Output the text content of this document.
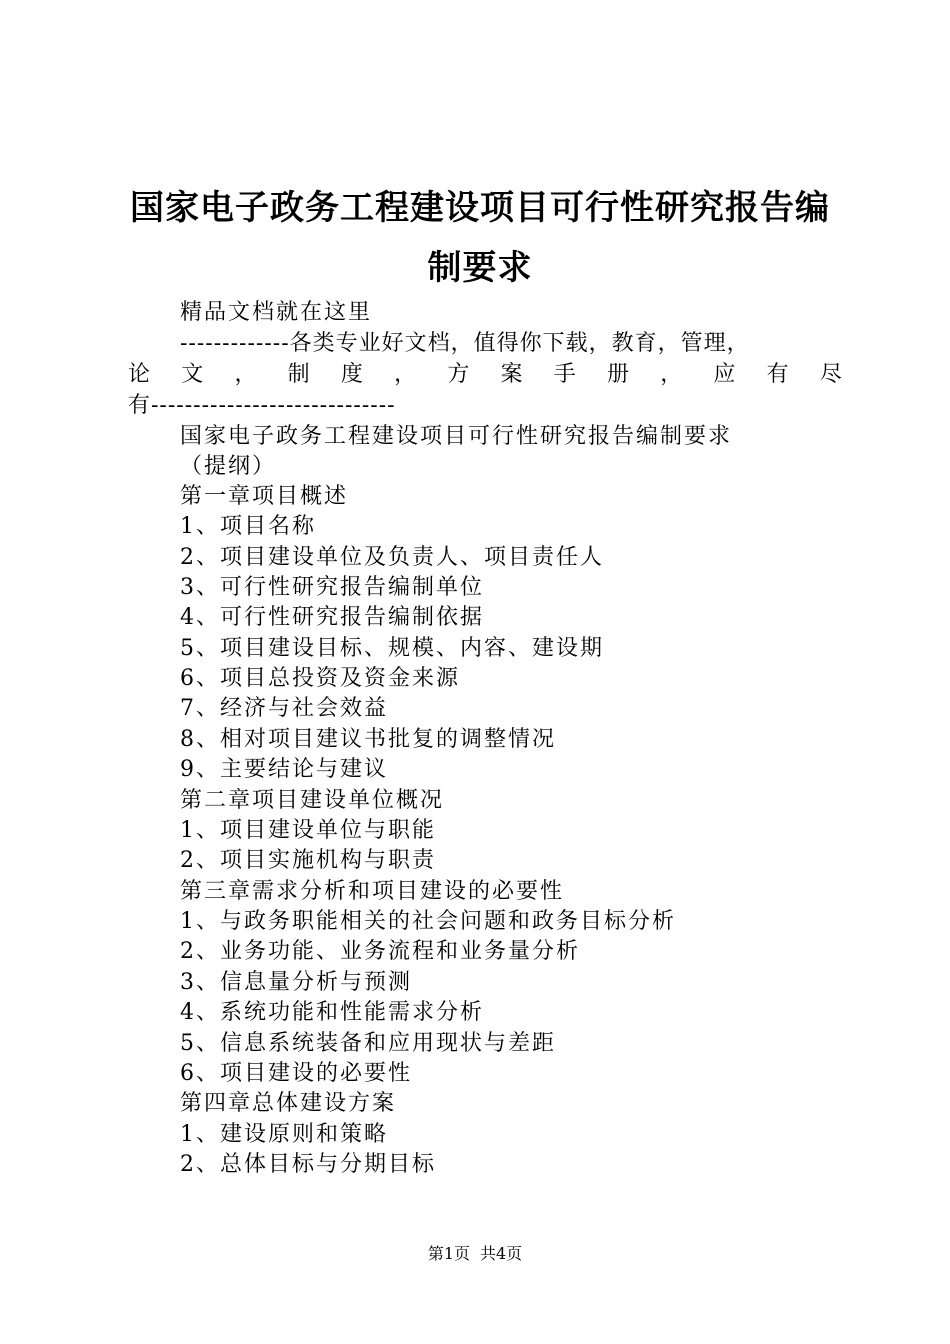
国家电子政务工程建设项目可行性研究报告编
制要求
精品文档就在这里
-------------各类专业好文档，值得你下载，教育，管理，
论 文 ， 制 度 ， 方 案 手 册 ， 应 有 尽
有-----------------------------
国家电子政务工程建设项目可行性研究报告编制要求
（提纲）
第一章项目概述
1、项目名称
2、项目建设单位及负责人、项目责任人
3、可行性研究报告编制单位
4、可行性研究报告编制依据
5、项目建设目标、规模、内容、建设期
6、项目总投资及资金来源
7、经济与社会效益
8、相对项目建议书批复的调整情况
9、主要结论与建议
第二章项目建设单位概况
1、项目建设单位与职能
2、项目实施机构与职责
第三章需求分析和项目建设的必要性
1、与政务职能相关的社会问题和政务目标分析
2、业务功能、业务流程和业务量分析
3、信息量分析与预测
4、系统功能和性能需求分析
5、信息系统装备和应用现状与差距
6、项目建设的必要性
第四章总体建设方案
1、建设原则和策略
2、总体目标与分期目标
第1页 共4页
